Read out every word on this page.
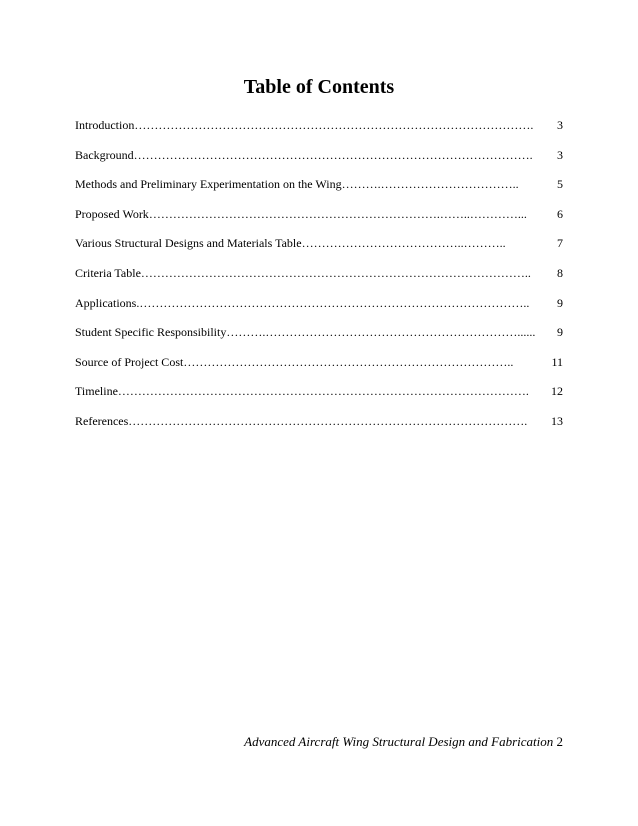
Table of Contents
Introduction ……………………………………………………………………………………….	3
Background ……………………………………………………………………………………….	3
Methods and Preliminary Experimentation on the Wing ……….……………………………..	5
Proposed Work ……………………………………………………………….……..…………...	6
Various Structural Designs and Materials Table …………………………………..………..	7
Criteria Table ……………………………………………………………………………………..	8
Applications. ……………………………………………………………………………………..	9
Student Specific Responsibility ……….………………………………………………………......	9
Source of Project Cost ………………………………………………………………………..	11
Timeline ………………………………………………………………………………………….	12
References ……………………………………………………………………………………….	13
Advanced Aircraft Wing Structural Design and Fabrication 2
